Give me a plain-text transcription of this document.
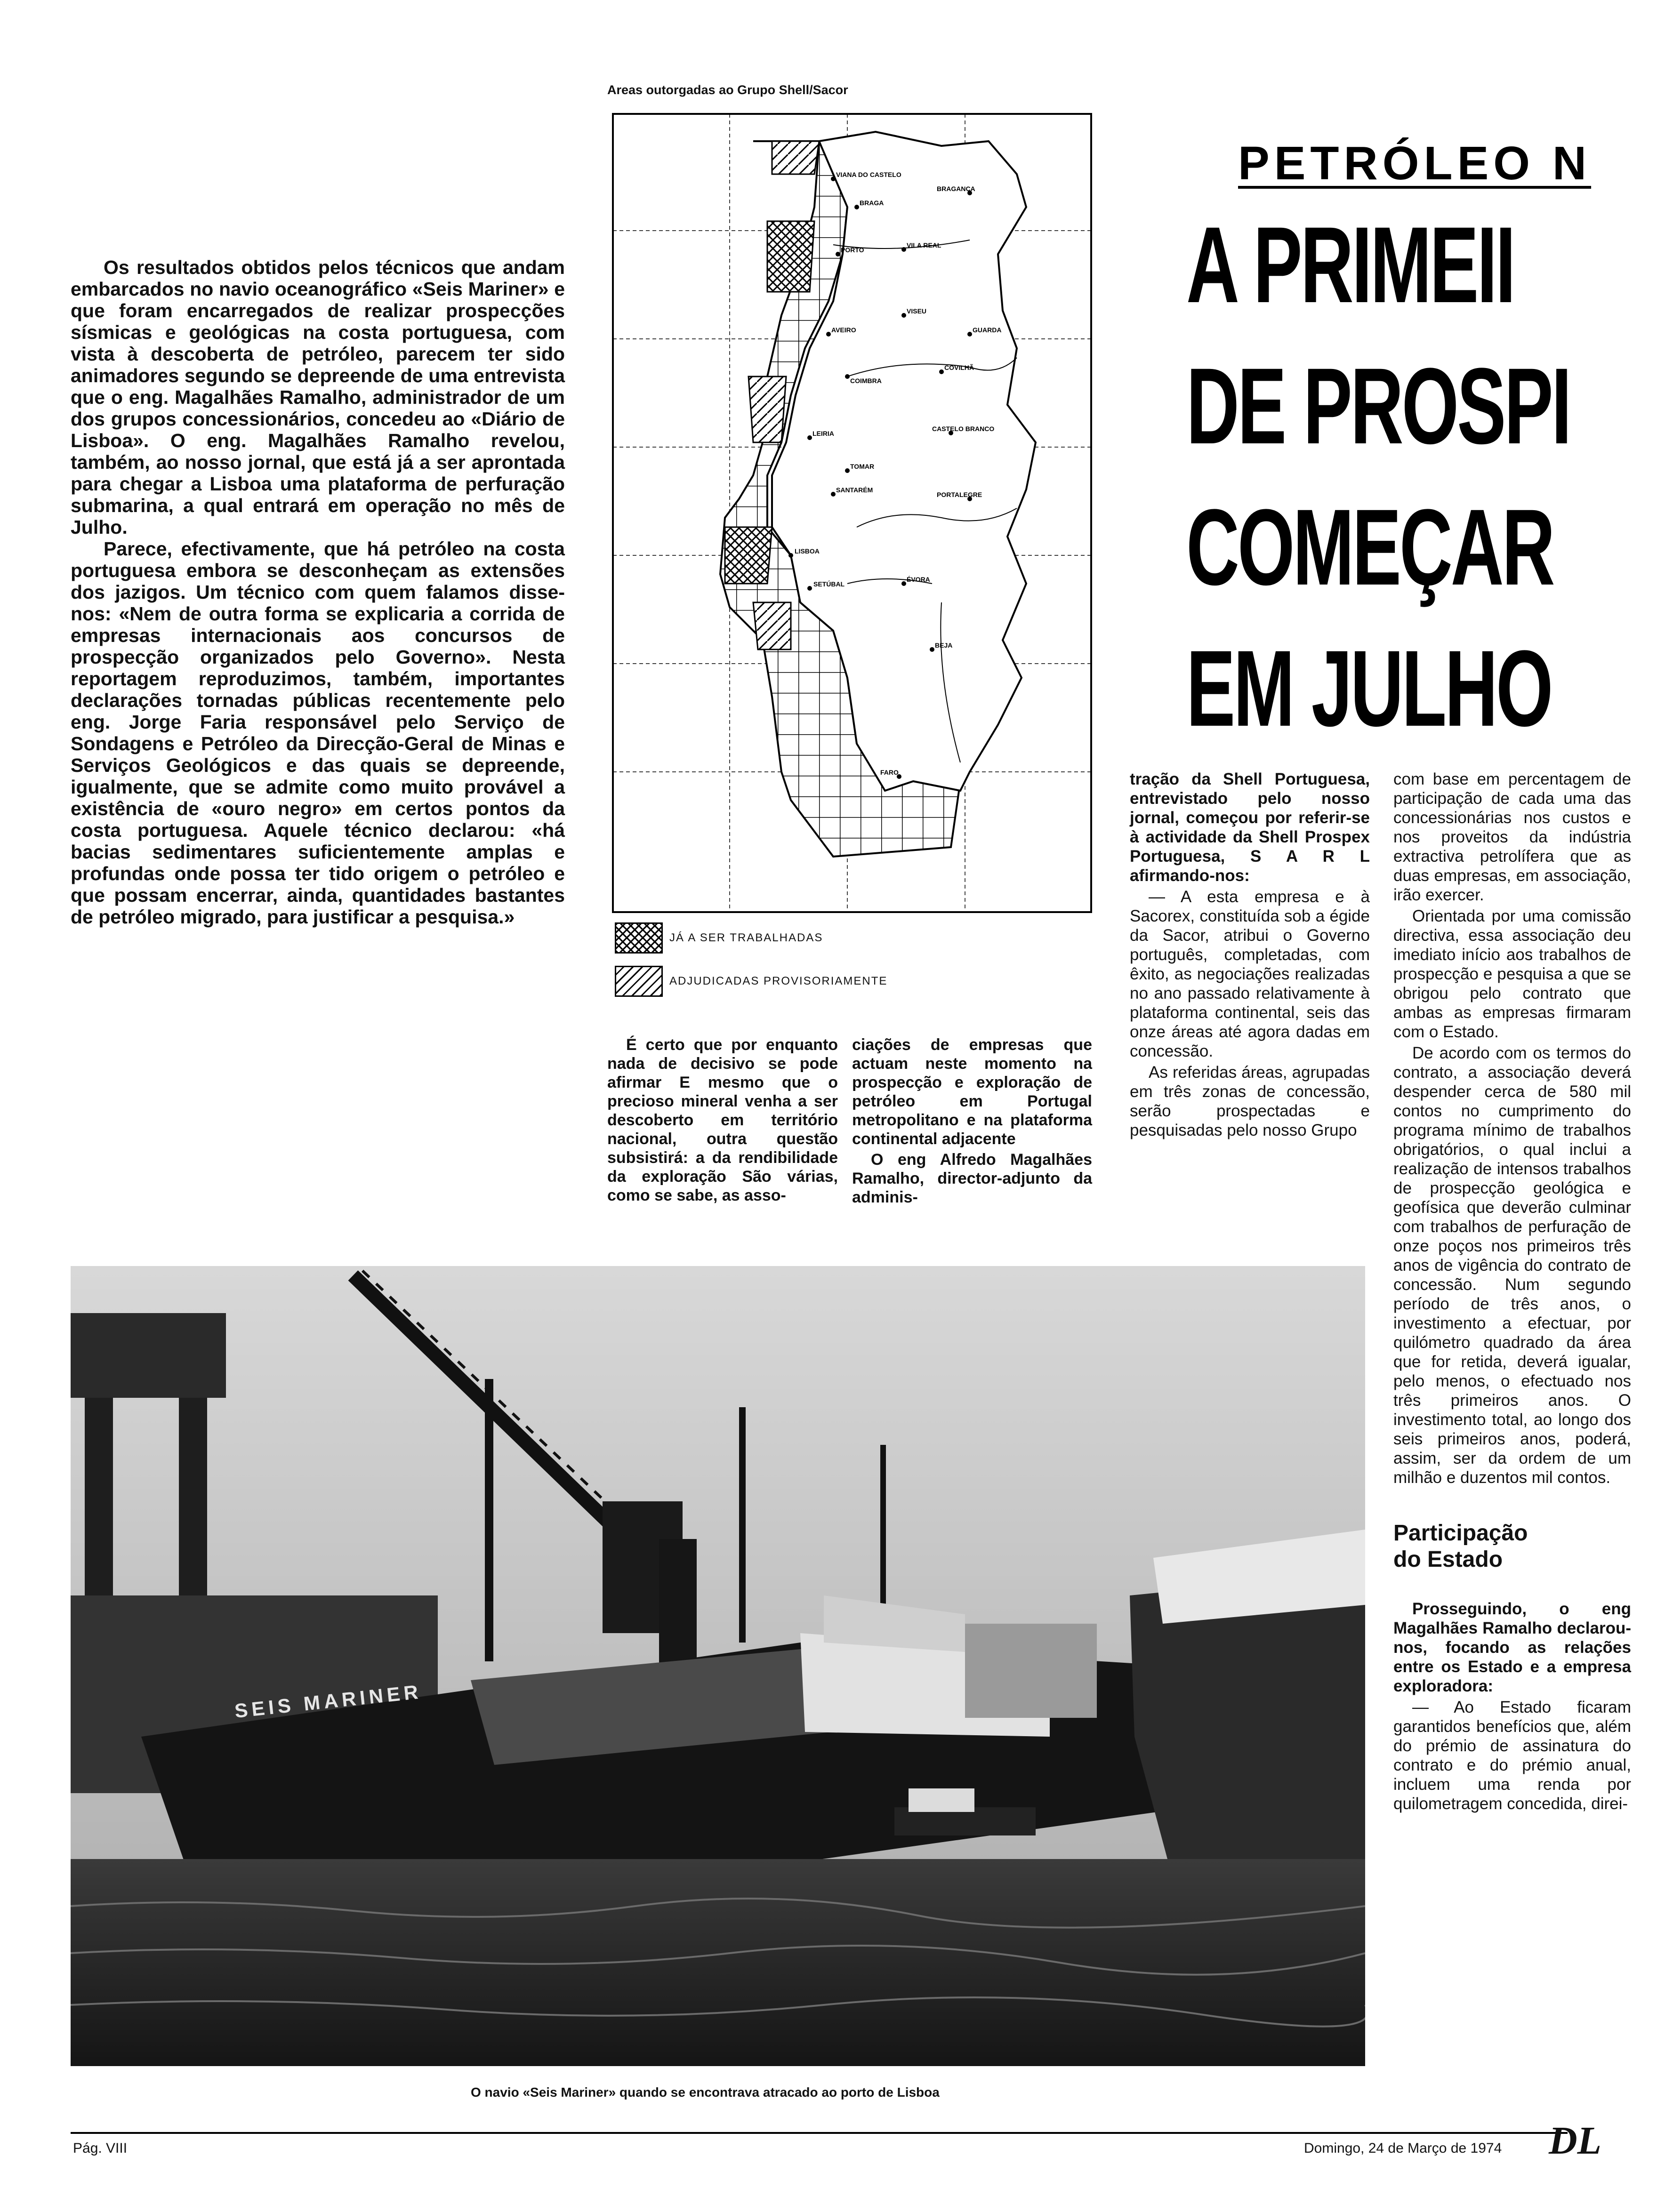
Areas outorgadas ao Grupo Shell/Sacor
VIANA DO CASTELO
BRAGA
VILA REAL
BRAGANÇA
PORTO
VISEU
AVEIRO	GUARDA
COIMBRA
COVILHÃ
CASTELO BRANCO
LEIRIA
TOMAR
SANTARÉM
PORTALEGRE
LISBOA
SETÚBAL
ÉVORA
BEJA
FARO
JÁ A SER TRABALHADAS
ADJUDICADAS PROVISORIAMENTE
PETRÓLEO N
A PRIMEII
DE PROSPI
COMEÇAR
EM JULHO

Os resultados obtidos pelos técnicos que andam embarcados no navio oceanográfico «Seis Mariner» e que foram encarregados de realizar prospecções sísmicas e geológicas na costa portuguesa, com vista à descoberta de petróleo, parecem ter sido animadores segundo se depreende de uma entrevista que o eng. Magalhães Ramalho, administrador de um dos grupos concessionários, concedeu ao «Diário de Lisboa». O eng. Magalhães Ramalho revelou, também, ao nosso jornal, que está já a ser aprontada para chegar a Lisboa uma plataforma de perfuração submarina, a qual entrará em operação no mês de Julho.

Parece, efectivamente, que há petróleo na costa portuguesa embora se desconheçam as extensões dos jazigos. Um técnico com quem falamos disse-nos: «Nem de outra forma se explicaria a corrida de empresas internacionais aos concursos de prospecção organizados pelo Governo». Nesta reportagem reproduzimos, também, importantes declarações tornadas públicas recentemente pelo eng. Jorge Faria responsável pelo Serviço de Sondagens e Petróleo da Direcção-Geral de Minas e Serviços Geológicos e das quais se depreende, igualmente, que se admite como muito provável a existência de «ouro negro» em certos pontos da costa portuguesa. Aquele técnico declarou: «há bacias sedimentares suficientemente amplas e profundas onde possa ter tido origem o petróleo e que possam encerrar, ainda, quantidades bastantes de petróleo migrado, para justificar a pesquisa.»

É certo que por enquanto nada de decisivo se pode afirmar E mesmo que o precioso mineral venha a ser descoberto em território nacional, outra questão subsistirá: a da rendibilidade da exploração São várias, como se sabe, as asso-

ciações de empresas que actuam neste momento na prospecção e exploração de petróleo em Portugal metropolitano e na plataforma continental adjacente

O eng Alfredo Magalhães Ramalho, director-adjunto da adminis-

tração da Shell Portuguesa, entrevistado pelo nosso jornal, começou por referir-se à actividade da Shell Prospex Portuguesa, S A R L afirmando-nos:

— A esta empresa e à Sacorex, constituída sob a égide da Sacor, atribui o Governo português, completadas, com êxito, as negociações realizadas no ano passado relativamente à plataforma continental, seis das onze áreas até agora dadas em concessão.

As referidas áreas, agrupadas em três zonas de concessão, serão prospectadas e pesquisadas pelo nosso Grupo

com base em percentagem de participação de cada uma das concessionárias nos custos e nos proveitos da indústria extractiva petrolífera que as duas empresas, em associação, irão exercer.

Orientada por uma comissão directiva, essa associação deu imediato início aos trabalhos de prospecção e pesquisa a que se obrigou pelo contrato que ambas as empresas firmaram com o Estado.

De acordo com os termos do contrato, a associação deverá despender cerca de 580 mil contos no cumprimento do programa mínimo de trabalhos obrigatórios, o qual inclui a realização de intensos trabalhos de prospecção geológica e geofísica que deverão culminar com trabalhos de perfuração de onze poços nos primeiros três anos de vigência do contrato de concessão. Num segundo período de três anos, o investimento a efectuar, por quilómetro quadrado da área que for retida, deverá igualar, pelo menos, o efectuado nos três primeiros anos. O investimento total, ao longo dos seis primeiros anos, poderá, assim, ser da ordem de um milhão e duzentos mil contos.

Participação do Estado

Prosseguindo, o eng Magalhães Ramalho declarou-nos, focando as relações entre os Estado e a empresa exploradora:

— Ao Estado ficaram garantidos benefícios que, além do prémio de assinatura do contrato e do prémio anual, incluem uma renda por quilometragem concedida, direi-

SEIS MARINER
O navio «Seis Mariner» quando se encontrava atracado ao porto de Lisboa
Pág. VIII	Domingo, 24 de Março de 1974 DL
